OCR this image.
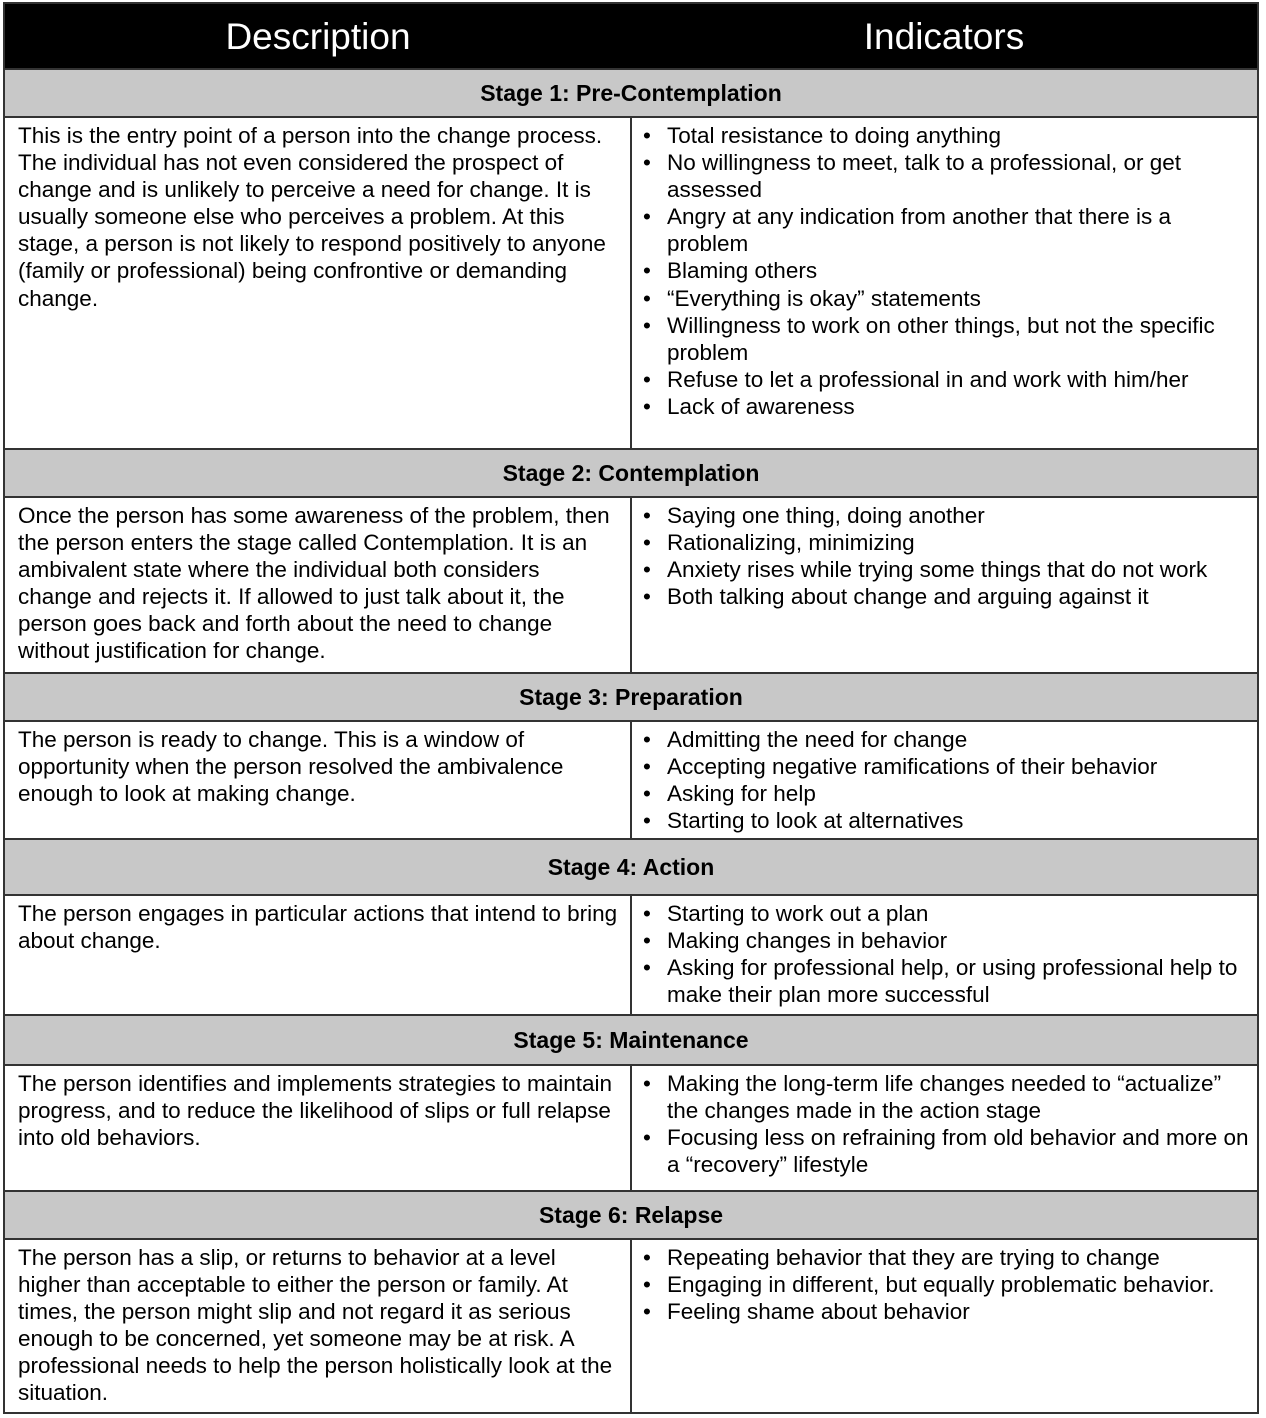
Description	Indicators
Stage 1: Pre-Contemplation
This is the entry point of a person into the change process. The individual has not even considered the prospect of change and is unlikely to perceive a need for change. It is usually someone else who perceives a problem. At this stage, a person is not likely to respond positively to anyone (family or professional) being confrontive or demanding change.
• Total resistance to doing anything
• No willingness to meet, talk to a professional, or get assessed
• Angry at any indication from another that there is a problem
• Blaming others
• “Everything is okay” statements
• Willingness to work on other things, but not the specific problem
• Refuse to let a professional in and work with him/her
• Lack of awareness
Stage 2: Contemplation
Once the person has some awareness of the problem, then the person enters the stage called Contemplation. It is an ambivalent state where the individual both considers change and rejects it. If allowed to just talk about it, the person goes back and forth about the need to change without justification for change.
• Saying one thing, doing another
• Rationalizing, minimizing
• Anxiety rises while trying some things that do not work
• Both talking about change and arguing against it
Stage 3: Preparation
The person is ready to change. This is a window of opportunity when the person resolved the ambivalence enough to look at making change.
• Admitting the need for change
• Accepting negative ramifications of their behavior
• Asking for help
• Starting to look at alternatives
Stage 4: Action
The person engages in particular actions that intend to bring about change.
• Starting to work out a plan
• Making changes in behavior
• Asking for professional help, or using professional help to make their plan more successful
Stage 5: Maintenance
The person identifies and implements strategies to maintain progress, and to reduce the likelihood of slips or full relapse into old behaviors.
• Making the long-term life changes needed to “actualize” the changes made in the action stage
• Focusing less on refraining from old behavior and more on a “recovery” lifestyle
Stage 6: Relapse
The person has a slip, or returns to behavior at a level higher than acceptable to either the person or family. At times, the person might slip and not regard it as serious enough to be concerned, yet someone may be at risk. A professional needs to help the person holistically look at the situation.
• Repeating behavior that they are trying to change
• Engaging in different, but equally problematic behavior.
• Feeling shame about behavior
